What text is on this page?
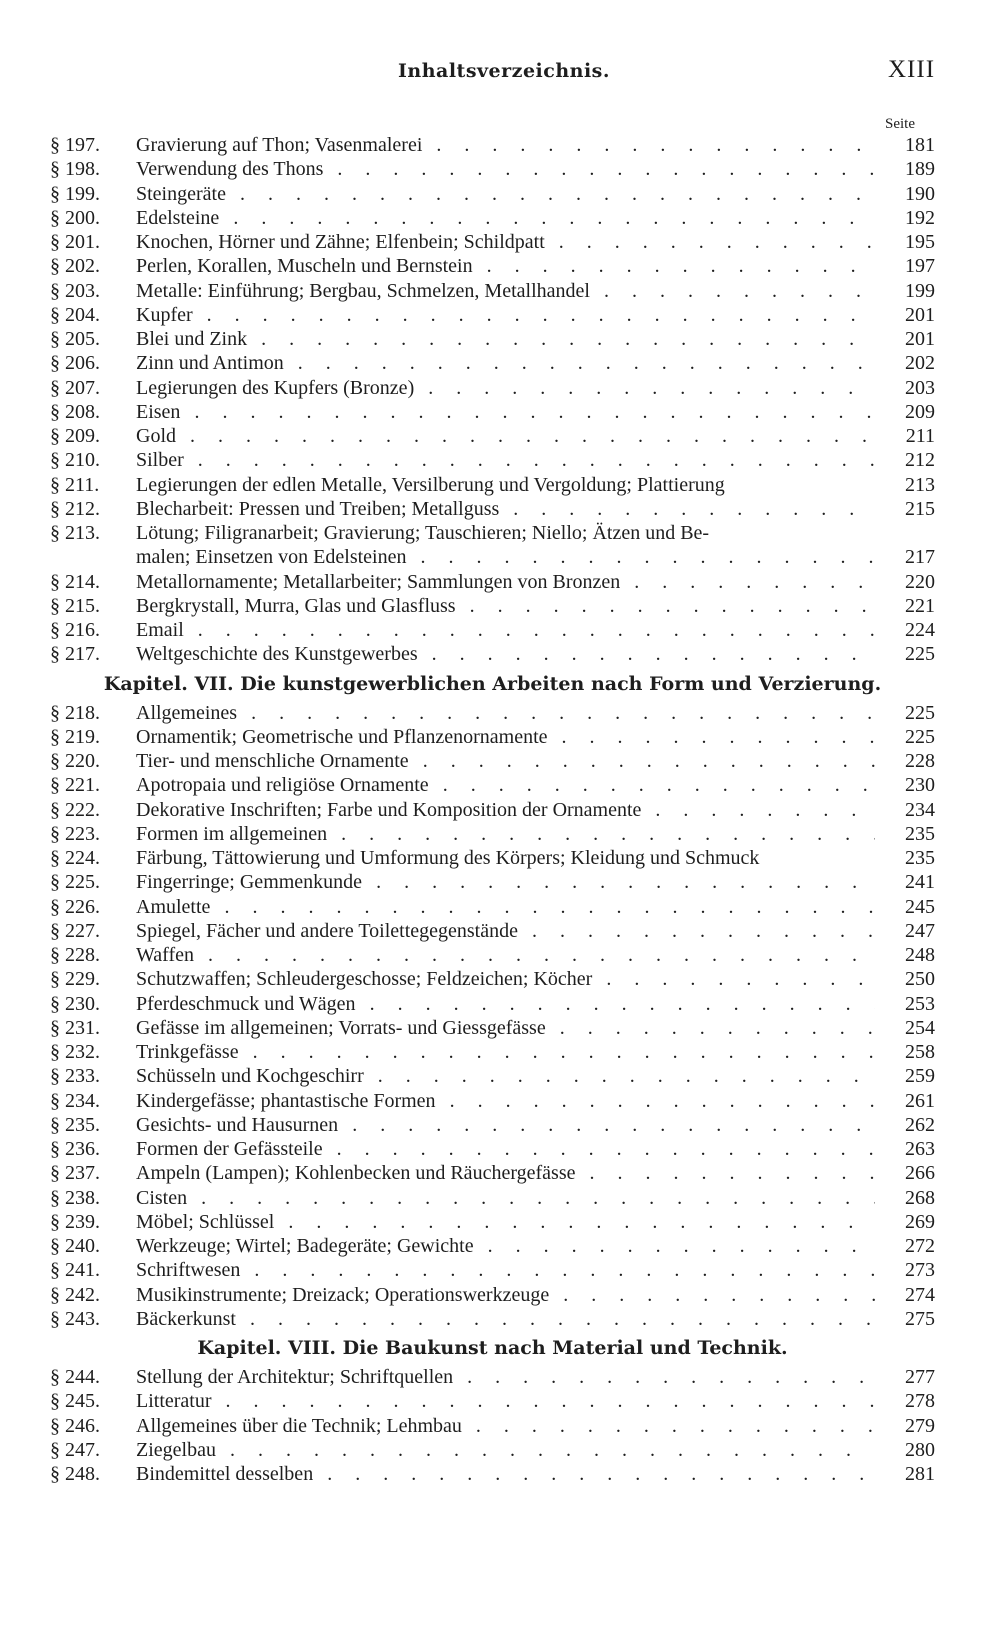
Inhaltsverzeichnis.	XIII
Seite
§ 197.	Gravierung auf Thon; Vasenmalerei . . .	181
§ 198.	Verwendung des Thons . . .	189
§ 199.	Steingeräte . . .	190
§ 200.	Edelsteine . . .	192
§ 201.	Knochen, Hörner und Zähne; Elfenbein; Schildpatt . . .	195
§ 202.	Perlen, Korallen, Muscheln und Bernstein . . .	197
§ 203.	Metalle: Einführung; Bergbau, Schmelzen, Metallhandel . . .	199
§ 204.	Kupfer . . .	201
§ 205.	Blei und Zink . . .	201
§ 206.	Zinn und Antimon . . .	202
§ 207.	Legierungen des Kupfers (Bronze) . . .	203
§ 208.	Eisen . . .	209
§ 209.	Gold . . .	211
§ 210.	Silber . . .	212
§ 211.	Legierungen der edlen Metalle, Versilberung und Vergoldung; Plattierung	213
§ 212.	Blecharbeit: Pressen und Treiben; Metallguss . . .	215
§ 213.	Lötung; Filigranarbeit; Gravierung; Tauschieren; Niello; Ätzen und Be-
malen; Einsetzen von Edelsteinen . . .	217
§ 214.	Metallornamente; Metallarbeiter; Sammlungen von Bronzen . . .	220
§ 215.	Bergkrystall, Murra, Glas und Glasfluss . . .	221
§ 216.	Email . . .	224
§ 217.	Weltgeschichte des Kunstgewerbes . . .	225
Kapitel. VII. Die kunstgewerblichen Arbeiten nach Form und Verzierung.
§ 218.	Allgemeines . . .	225
§ 219.	Ornamentik; Geometrische und Pflanzenornamente . . .	225
§ 220.	Tier- und menschliche Ornamente . . .	228
§ 221.	Apotropaia und religiöse Ornamente . . .	230
§ 222.	Dekorative Inschriften; Farbe und Komposition der Ornamente . . .	234
§ 223.	Formen im allgemeinen . . .	235
§ 224.	Färbung, Tättowierung und Umformung des Körpers; Kleidung und Schmuck	235
§ 225.	Fingerringe; Gemmenkunde . . .	241
§ 226.	Amulette . . .	245
§ 227.	Spiegel, Fächer und andere Toilettegegenstände . . .	247
§ 228.	Waffen . . .	248
§ 229.	Schutzwaffen; Schleudergeschosse; Feldzeichen; Köcher . . .	250
§ 230.	Pferdeschmuck und Wägen . . .	253
§ 231.	Gefässe im allgemeinen; Vorrats- und Giessgefässe . . .	254
§ 232.	Trinkgefässe . . .	258
§ 233.	Schüsseln und Kochgeschirr . . .	259
§ 234.	Kindergefässe; phantastische Formen . . .	261
§ 235.	Gesichts- und Hausurnen . . .	262
§ 236.	Formen der Gefässteile . . .	263
§ 237.	Ampeln (Lampen); Kohlenbecken und Räuchergefässe . . .	266
§ 238.	Cisten . . .	268
§ 239.	Möbel; Schlüssel . . .	269
§ 240.	Werkzeuge; Wirtel; Badegeräte; Gewichte . . .	272
§ 241.	Schriftwesen . . .	273
§ 242.	Musikinstrumente; Dreizack; Operationswerkzeuge . . .	274
§ 243.	Bäckerkunst . . .	275
Kapitel. VIII. Die Baukunst nach Material und Technik.
§ 244.	Stellung der Architektur; Schriftquellen . . .	277
§ 245.	Litteratur . . .	278
§ 246.	Allgemeines über die Technik; Lehmbau . . .	279
§ 247.	Ziegelbau . . .	280
§ 248.	Bindemittel desselben . . .	281
